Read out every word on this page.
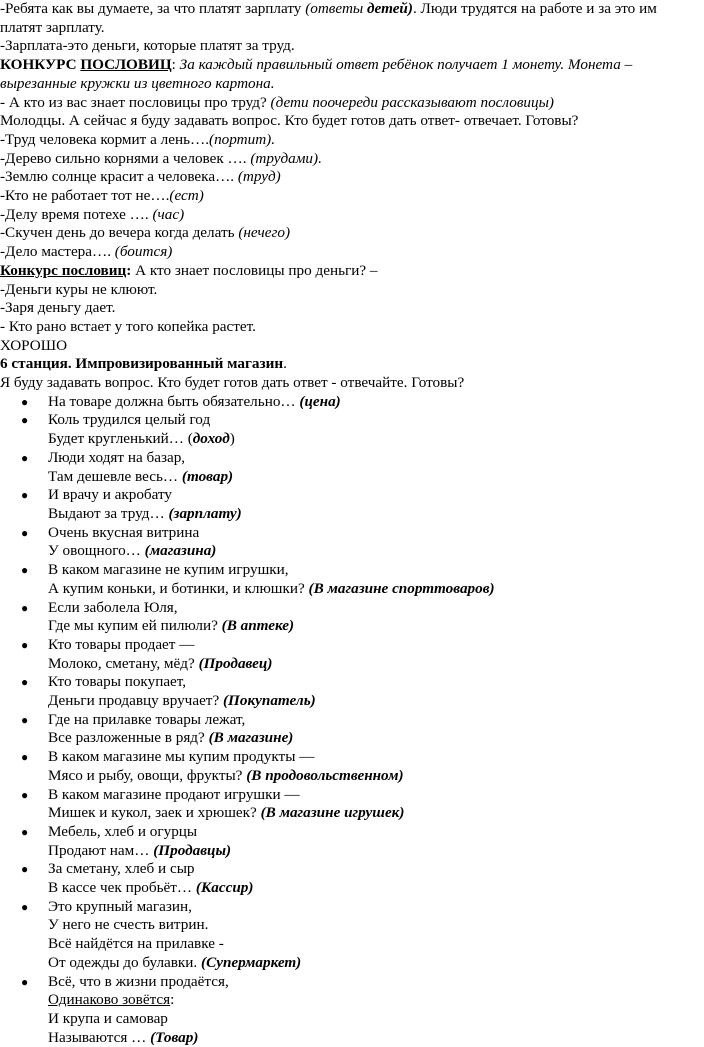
-Ребята как вы думаете, за что платят зарплату (ответы детей). Люди трудятся на работе и за это им платят зарплату.
-Зарплата-это деньги, которые платят за труд.
КОНКУРС ПОСЛОВИЦ: За каждый правильный ответ ребёнок получает 1 монету. Монета – вырезанные кружки из цветного картона.
- А кто из вас знает пословицы про труд? (дети поочереди рассказывают пословицы)
Молодцы. А сейчас я буду задавать вопрос. Кто будет готов дать ответ- отвечает. Готовы?
-Труд человека кормит а лень….(портит).
-Дерево сильно корнями а человек …. (трудами).
-Землю солнце красит а человека…. (труд)
-Кто не работает тот не….(ест)
-Делу время потехе …. (час)
-Скучен день до вечера когда делать (нечего)
-Дело мастера…. (боится)
Конкурс пословиц: А кто знает пословицы про деньги? –
-Деньги куры не клюют.
-Заря деньгу дает.
- Кто рано встает у того копейка растет.
ХОРОШО
6 станция. Импровизированный магазин.
Я буду задавать вопрос. Кто будет готов дать ответ - отвечайте. Готовы?
● На товаре должна быть обязательно… (цена)
● Коль трудился целый год
Будет кругленький… (доход)
● Люди ходят на базар,
Там дешевле весь… (товар)
● И врачу и акробату
Выдают за труд… (зарплату)
● Очень вкусная витрина
У овощного… (магазина)
● В каком магазине не купим игрушки,
А купим коньки, и ботинки, и клюшки? (В магазине спорттоваров)
● Если заболела Юля,
Где мы купим ей пилюли? (В аптеке)
● Кто товары продает —
Молоко, сметану, мёд? (Продавец)
● Кто товары покупает,
Деньги продавцу вручает? (Покупатель)
● Где на прилавке товары лежат,
Все разложенные в ряд? (В магазине)
● В каком магазине мы купим продукты —
Мясо и рыбу, овощи, фрукты? (В продовольственном)
● В каком магазине продают игрушки —
Мишек и кукол, заек и хрюшек? (В магазине игрушек)
● Мебель, хлеб и огурцы
Продают нам… (Продавцы)
● За сметану, хлеб и сыр
В кассе чек пробьёт… (Кассир)
● Это крупный магазин,
У него не счесть витрин.
Всё найдётся на прилавке -
От одежды до булавки. (Супермаркет)
● Всё, что в жизни продаётся,
Одинаково зовётся:
И крупа и самовар
Называются … (Товар)
